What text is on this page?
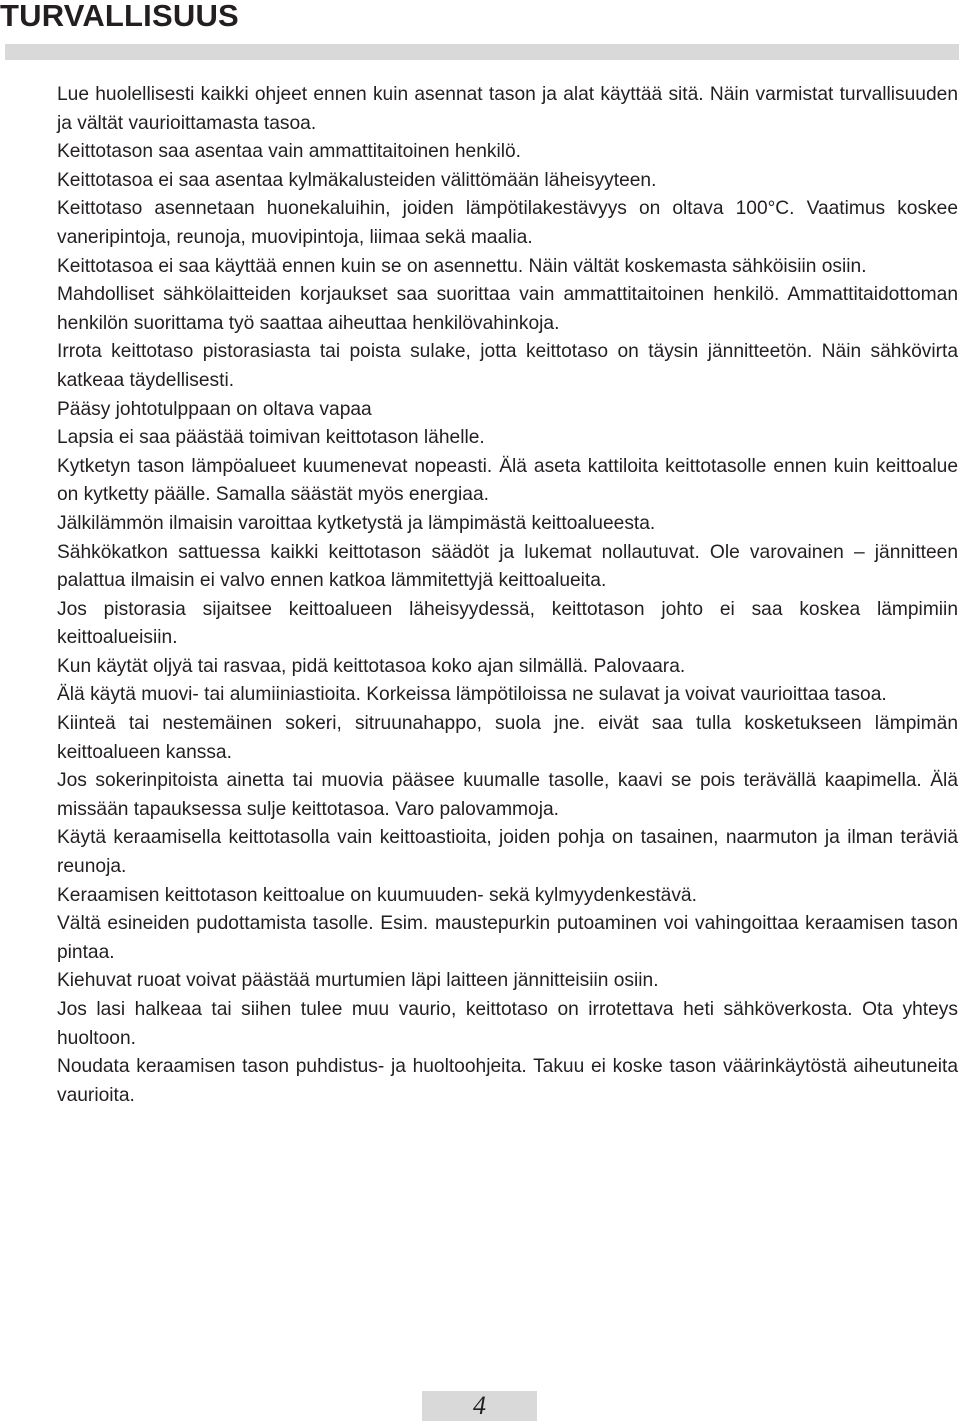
TURVALLISUUS

Lue huolellisesti kaikki ohjeet ennen kuin asennat tason ja alat käyttää sitä. Näin varmistat turvallisuuden ja vältät vaurioittamasta tasoa.

Keittotason saa asentaa vain ammattitaitoinen henkilö.

Keittotasoa ei saa asentaa kylmäkalusteiden välittömään läheisyyteen.

Keittotaso asennetaan huonekaluihin, joiden lämpötilakestävyys on oltava 100°C. Vaatimus koskee vaneripintoja, reunoja, muovipintoja, liimaa sekä maalia.

Keittotasoa ei saa käyttää ennen kuin se on asennettu. Näin vältät koskemasta sähköisiin osiin.

Mahdolliset sähkölaitteiden korjaukset saa suorittaa vain ammattitaitoinen henkilö. Ammattitaidottoman henkilön suorittama työ saattaa aiheuttaa henkilövahinkoja.

Irrota keittotaso pistorasiasta tai poista sulake, jotta keittotaso on täysin jännitteetön. Näin sähkövirta katkeaa täydellisesti.

Pääsy johtotulppaan on oltava vapaa

Lapsia ei saa päästää toimivan keittotason lähelle.

Kytketyn tason lämpöalueet kuumenevat nopeasti. Älä aseta kattiloita keittotasolle ennen kuin keittoalue on kytketty päälle. Samalla säästät myös energiaa.

Jälkilämmön ilmaisin varoittaa kytketystä ja lämpimästä keittoalueesta.

Sähkökatkon sattuessa kaikki keittotason säädöt ja lukemat nollautuvat. Ole varovainen – jännitteen palattua ilmaisin ei valvo ennen katkoa lämmitettyjä keittoalueita.

Jos pistorasia sijaitsee keittoalueen läheisyydessä, keittotason johto ei saa koskea lämpimiin keittoalueisiin.

Kun käytät oljyä tai rasvaa, pidä keittotasoa koko ajan silmällä. Palovaara.

Älä käytä muovi- tai alumiiniastioita. Korkeissa lämpötiloissa ne sulavat ja voivat vaurioittaa tasoa.

Kiinteä tai nestemäinen sokeri, sitruunahappo, suola jne. eivät saa tulla kosketukseen lämpimän keittoalueen kanssa.

Jos sokerinpitoista ainetta tai muovia pääsee kuumalle tasolle, kaavi se pois terävällä kaapimella. Älä missään tapauksessa sulje keittotasoa. Varo palovammoja.

Käytä keraamisella keittotasolla vain keittoastioita, joiden pohja on tasainen, naarmuton ja ilman teräviä reunoja.

Keraamisen keittotason keittoalue on kuumuuden- sekä kylmyydenkestävä.

Vältä esineiden pudottamista tasolle. Esim. maustepurkin putoaminen voi vahingoittaa keraamisen tason pintaa.

Kiehuvat ruoat voivat päästää murtumien läpi laitteen jännitteisiin osiin.

Jos lasi halkeaa tai siihen tulee muu vaurio, keittotaso on irrotettava heti sähköverkosta. Ota yhteys huoltoon.

Noudata keraamisen tason puhdistus- ja huoltoohjeita. Takuu ei koske tason väärinkäytöstä aiheutuneita vaurioita.

4
